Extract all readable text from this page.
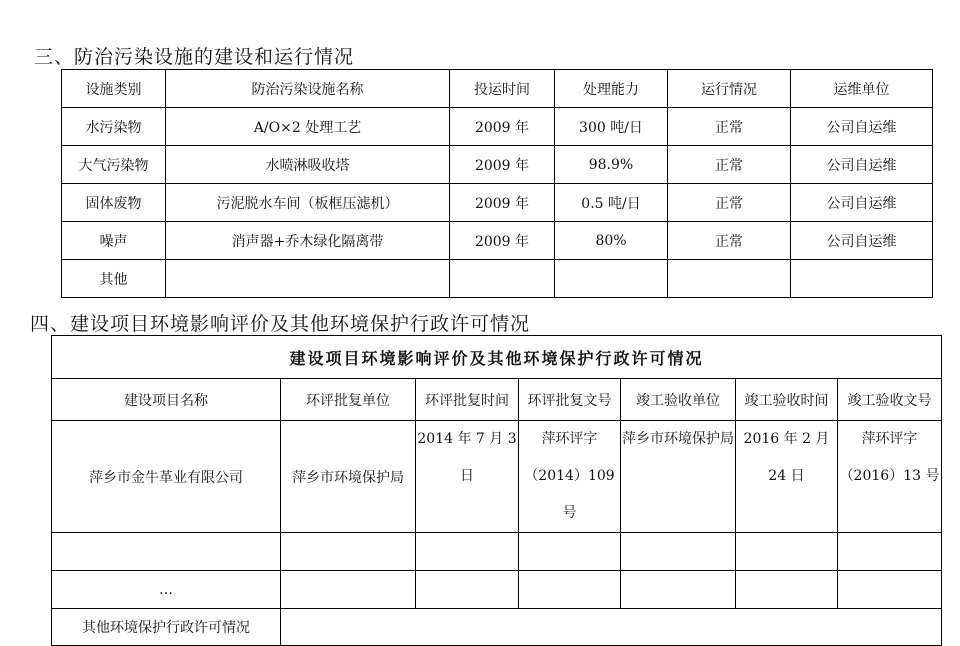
三、防治污染设施的建设和运行情况
设施类别	防治污染设施名称	投运时间	处理能力	运行情况	运维单位
水污染物	A/O×2 处理工艺	2009 年	300 吨/日	正常	公司自运维
大气污染物	水喷淋吸收塔	2009 年	98.9%	正常	公司自运维
固体废物	污泥脱水车间（板框压滤机）	2009 年	0.5 吨/日	正常	公司自运维
噪声	消声器+乔木绿化隔离带	2009 年	80%	正常	公司自运维
其他					
四、建设项目环境影响评价及其他环境保护行政许可情况
建设项目环境影响评价及其他环境保护行政许可情况						
建设项目名称	环评批复单位	环评批复时间	环评批复文号	竣工验收单位	竣工验收时间	竣工验收文号
萍乡市金牛革业有限公司	萍乡市环境保护局	2014 年 7 月 3 日	萍环评字（2014）109 号	萍乡市环境保护局	2016 年 2 月 24 日	萍环评字（2016）13 号

…						
其他环境保护行政许可情况						
